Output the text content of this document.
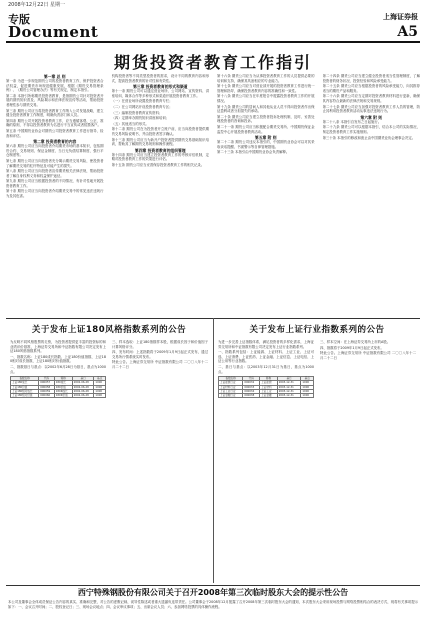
2008年12月22日 星期一
专版
Document
上海证券报
A5
期货投资者教育工作指引
第一章 总 则

第一条 为进一步规范期货公司的投资者教育工作，保护投资者合法权益，促进期货市场规范健康发展，根据《期货交易管理条例》、《期货公司管理办法》等有关规定，制定本指引。

第二条 本指引所称期货投资者教育，是指期货公司针对投资者开展的期货知识普及、风险揭示和法律法规宣传等活动，帮助投资者理性参与期货交易。

第三条 期货公司应当将投资者教育工作纳入公司发展战略，建立健全投资者教育工作制度，明确负责部门和人员。

第四条 期货公司开展投资者教育工作，应当遵循客观、公正、准确的原则，不得以投资者教育为名进行不当宣传或者招揽客户。

第五条 中国期货业协会对期货公司投资者教育工作进行指导、检查和评估。

第二章 投资者教育的内容

第六条 期货公司应当向投资者介绍期货市场的基本知识，包括期货合约、交易规则、保证金制度、当日无负债结算制度、强行平仓制度等。

第七条 期货公司应当向投资者充分揭示期货交易风险，使投资者了解期货交易的杠杆特征及可能产生的损失。

第八条 期货公司应当向投资者宣传期货相关法律法规，帮助投资者了解自身权利义务和权益保护途径。

第九条 期货公司应当根据投资者的不同情况，有针对性地开展投资者教育工作。

第十条 期货公司应当向投资者介绍期货交易中的常见违法违规行为及其危害。

机构投资者等不同类型投资者的需求，设计不同的教育内容和形式，提高投资者教育的针对性和有效性。

第三章 投资者教育的形式和渠道

第十一条 期货公司可以通过营业场所、公司网站、宣传资料、讲座培训、媒体合作等多种形式和渠道开展投资者教育工作。

（一）在营业场所设置投资者教育专栏；

（二）在公司网站开设投资者教育专区；

（三）编制投资者教育宣传资料；

（四）定期举办期货知识讲座和培训；

（五）其他适当的形式。

第十二条 期货公司在为投资者开立账户前，应当向投资者提供期货交易风险说明书，并由投资者签字确认。

第十三条 期货公司应当为新开户投资者提供期货交易基础知识培训，帮助其了解期货交易规则和操作流程。

第四章 投资者教育的组织管理

第十四条 期货公司应当建立投资者教育工作的考核评估机制，定期对投资者教育工作的效果进行评估。

第十五条 期货公司应当妥善保存投资者教育工作的相关记录。

第十六条 期货公司应当为从事投资者教育工作的人员提供必要的培训和支持，确保其具备相应的专业能力。

第十七条 期货公司应当对营业部开展的投资者教育工作进行统一管理和指导，确保投资者教育内容的准确性和一致性。

第十八条 期货公司应当在年度报告中披露投资者教育工作的开展情况。

第十九条 期货公司的居间人和其他从业人员不得向投资者作出保证盈利或者分担损失的承诺。

第二十条 期货公司应当建立投资者投诉处理机制，及时、妥善处理投资者的咨询和投诉。

第二十一条 期货公司应当积极配合期货交易所、中国期货保证金监控中心开展投资者教育活动。

第五章 附 则

第二十二条 期货公司违反本指引的，中国期货业协会可以对其采取谈话提醒、书面警示等自律管理措施。

第二十三条 本指引由中国期货业协会负责解释。

第二十四条 期货公司应当建立健全投资者适当性管理制度，了解投资者的财务状况、投资经验和风险承受能力。

第二十五条 期货公司应当根据投资者的风险承受能力，向其推荐适当的期货产品和服务。

第二十六条 期货公司应当定期对投资者教育材料进行更新，确保其内容符合最新的法律法规和交易规则。

第二十七条 期货公司应当加强对投资者教育工作人员的管理，防止其利用投资者教育活动从事违法违规行为。

第六章 附 则

第二十八条 本指引自发布之日起施行。

第二十九条 期货公司可以根据本指引，结合本公司的实际情况，制定投资者教育工作实施细则。

第三十条 本指引的修改和废止由中国期货业协会理事会决定。

关于发布上证180风格指数系列的公告

为反映不同风格股票的走势，为投资者提供更丰富的投资标的和业绩评价基准，上海证券交易所和中证指数有限公司决定发布上证180风格指数系列。

一、指数名称：上证180成长指数、上证180价值指数、上证180相对成长指数、上证180相对价值指数。

二、指数基日与基点：以2002年6月28日为基日，基点为1000点。

指数名称	代码	简称	基日	基点
上证180成长	000057	180成长	2002-06-28	1000
上证180价值	000058	180价值	2002-06-28	1000
上证180相对成长	000059	180R成长	2002-06-28	1000
上证180相对价值	000060	180R价值	2002-06-28	1000

三、样本选取：上证180指数样本股，根据成长因子和价值因子计算风格评分。

四、发布时间：上述指数将于2009年1月9日起正式发布，通过交易所行情系统实时发布。

特此公告。上海证券交易所 中证指数有限公司 二〇〇八年十二月二十二日

关于发布上证行业指数系列的公告

为进一步完善上证指数体系，满足投资者的多样化需求，上海证券交易所和中证指数有限公司决定发布上证行业指数系列。

一、指数系列包括：上证能源、上证材料、上证工业、上证可选、上证消费、上证医药、上证金融、上证信息、上证电信、上证公用等行业指数。

二、基日与基点：以2003年12月31日为基日，基点为1000点。

指数名称	代码	简称	基日	基点
上证能源行业	000032	上证能源	2003-12-31	1000
上证材料行业	000033	上证材料	2003-12-31	1000
上证工业行业	000034	上证工业	2003-12-31	1000
上证金融行业	000038	上证金融	2003-12-31	1000

三、样本空间：在上海证券交易所上市的A股。

四、指数将于2009年1月9日起正式发布。

特此公告。上海证券交易所 中证指数有限公司 二〇〇八年十二月二十二日

西宁特殊钢股份有限公司关于召开2008年第三次临时股东大会的提示性公告

本公司及董事会全体成员保证公告内容的真实、准确和完整，对公告的虚假记载、误导性陈述或者重大遗漏负连带责任。公司董事会于2008年12月披露了召开2008年第三次临时股东大会的通知，本次股东大会采用现场投票与网络投票相结合的表决方式，现将有关事项提示如下：一、会议召开时间；二、股权登记日；三、现场会议地点；四、会议审议事项；五、出席会议人员；六、参加网络投票的具体操作流程。
